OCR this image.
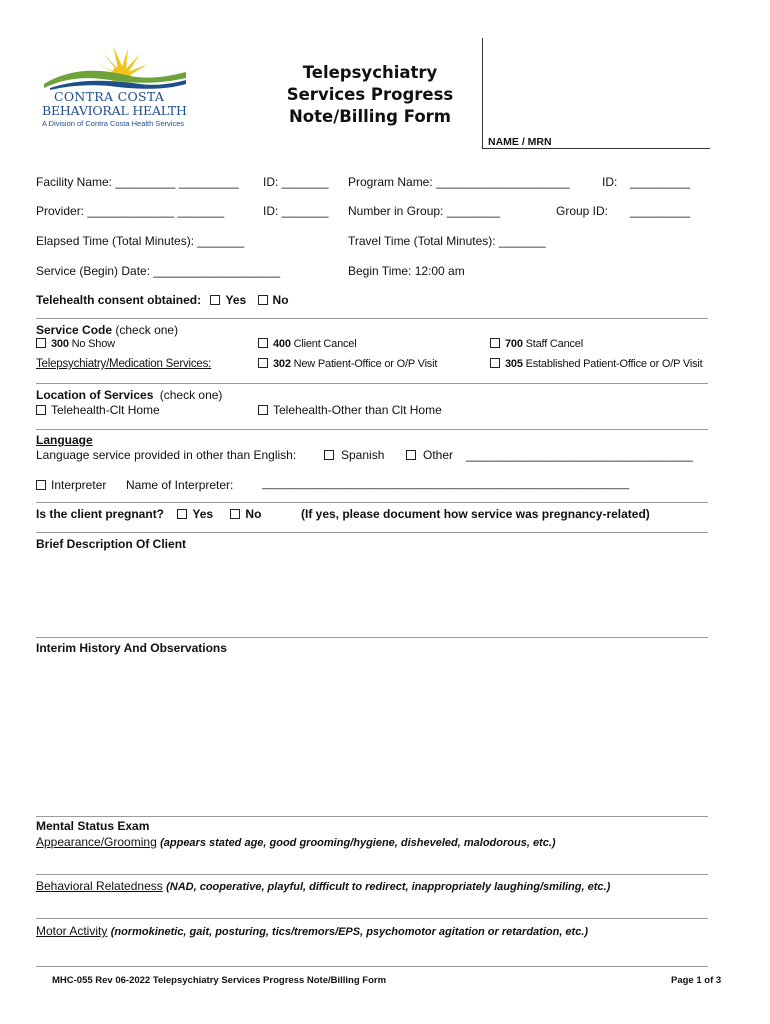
CONTRA COSTA
BEHAVIORAL HEALTH
A Division of Contra Costa Health Services
Telepsychiatry
Services Progress
Note/Billing Form
NAME / MRN
Facility Name: _________ _________ ID: _______ Program Name: ____________________	ID: _________
Provider: _____________ _______	ID: _______ Number in Group: ________	Group ID: _________
Elapsed Time (Total Minutes): _______	Travel Time (Total Minutes): _______
Service (Begin) Date: ___________________	Begin Time: 12:00 am
Telehealth consent obtained: Yes No
Service Code (check one)
300 No Show	400 Client Cancel	700 Staff Cancel
Telepsychiatry/Medication Services:	302 New Patient-Office or O/P Visit	305 Established Patient-Office or O/P Visit
Location of Services (check one)
Telehealth-Clt Home	Telehealth-Other than Clt Home
Language
Language service provided in other than English:	Spanish	Other __________________________________
Interpreter Name of Interpreter:	____________________________________________________________
Is the client pregnant? Yes	No	(If yes, please document how service was pregnancy-related)
Brief Description Of Client
Interim History And Observations
Mental Status Exam
Appearance/Grooming (appears stated age, good grooming/hygiene, disheveled, malodorous, etc.)
Behavioral Relatedness (NAD, cooperative, playful, difficult to redirect, inappropriately laughing/smiling, etc.)
Motor Activity (normokinetic, gait, posturing, tics/tremors/EPS, psychomotor agitation or retardation, etc.)
MHC-055 Rev 06-2022 Telepsychiatry Services Progress Note/Billing Form	Page 1 of 3
